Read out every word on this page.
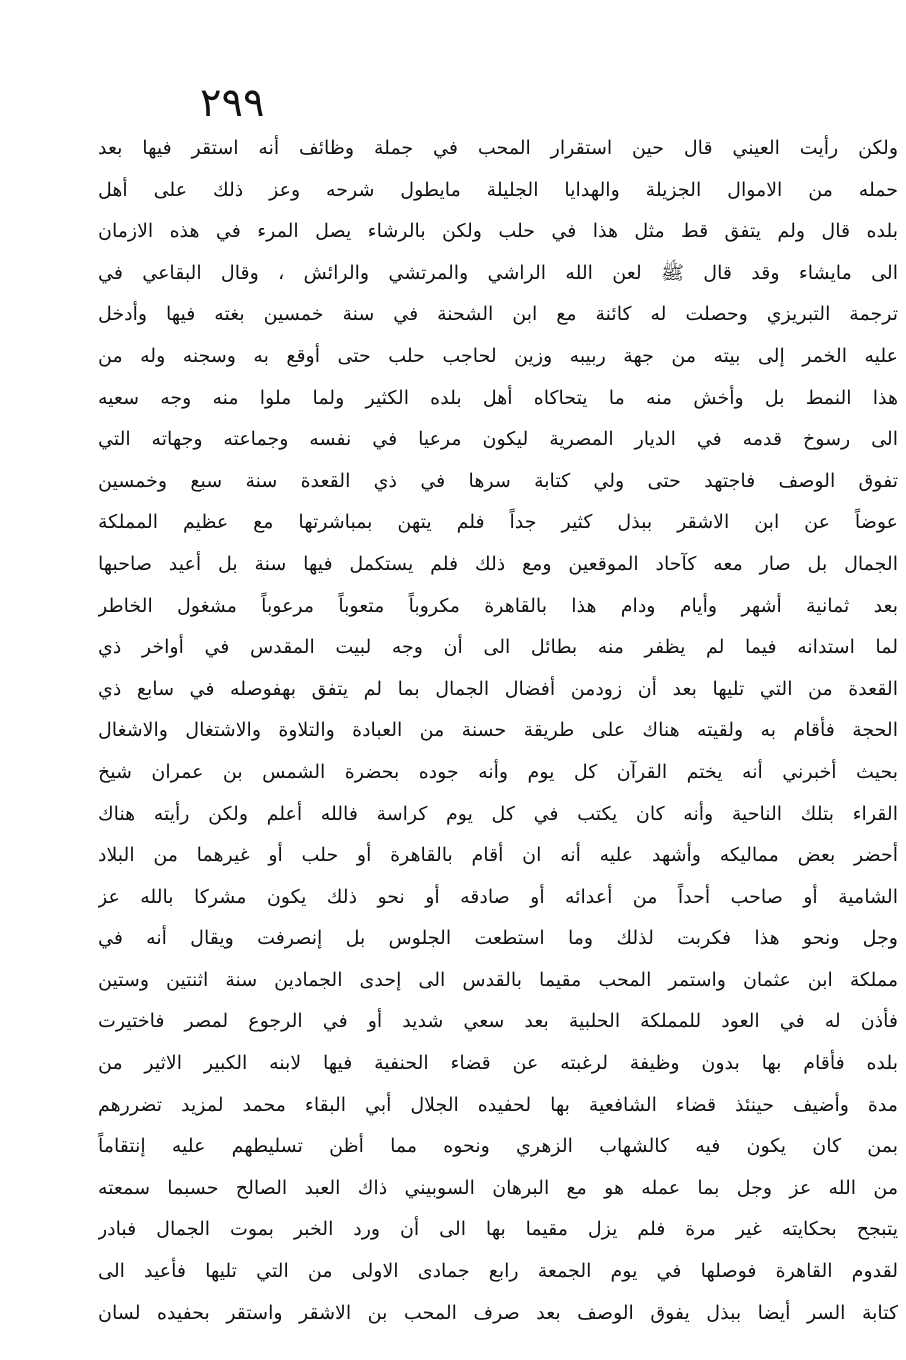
٢٩٩
ولكن رأيت العيني قال حين استقرار المحب في جملة وظائف أنه استقر فيها بعد
حمله من الاموال الجزيلة والهدايا الجليلة مايطول شرحه وعز ذلك على أهل
بلده قال ولم يتفق قط مثل هذا في حلب ولكن بالرشاء يصل المرء في هذه الازمان
الى مايشاء وقد قال ﷺ لعن الله الراشي والمرتشي والرائش ، وقال البقاعي في
ترجمة التبريزي وحصلت له كائنة مع ابن الشحنة في سنة خمسين بغته فيها وأدخل
عليه الخمر إلى بيته من جهة ربيبه وزين لحاجب حلب حتى أوقع به وسجنه وله من
هذا النمط بل وأخش منه ما يتحاكاه أهل بلده الكثير ولما ملوا منه وجه سعيه
الى رسوخ قدمه في الديار المصرية ليكون مرعيا في نفسه وجماعته وجهاته التي
تفوق الوصف فاجتهد حتى ولي كتابة سرها في ذي القعدة سنة سبع وخمسين
عوضاً عن ابن الاشقر ببذل كثير جداً فلم يتهن بمباشرتها مع عظيم المملكة
الجمال بل صار معه كآحاد الموقعين ومع ذلك فلم يستكمل فيها سنة بل أعيد صاحبها
بعد ثمانية أشهر وأيام ودام هذا بالقاهرة مكروباً متعوباً مرعوباً مشغول الخاطر
لما استدانه فيما لم يظفر منه بطائل الى أن وجه لبيت المقدس في أواخر ذي
القعدة من التي تليها بعد أن زودمن أفضال الجمال بما لم يتفق بهفوصله في سابع ذي
الحجة فأقام به ولقيته هناك على طريقة حسنة من العبادة والتلاوة والاشتغال والاشغال
بحيث أخبرني أنه يختم القرآن كل يوم وأنه جوده بحضرة الشمس بن عمران شيخ
القراء بتلك الناحية وأنه كان يكتب في كل يوم كراسة فالله أعلم ولكن رأيته هناك
أحضر بعض مماليكه وأشهد عليه أنه ان أقام بالقاهرة أو حلب أو غيرهما من البلاد
الشامية أو صاحب أحداً من أعدائه أو صادقه أو نحو ذلك يكون مشركا بالله عز
وجل ونحو هذا فكربت لذلك وما استطعت الجلوس بل إنصرفت ويقال أنه في
مملكة ابن عثمان واستمر المحب مقيما بالقدس الى إحدى الجمادين سنة اثنتين وستين
فأذن له في العود للمملكة الحلبية بعد سعي شديد أو في الرجوع لمصر فاختيرت
بلده فأقام بها بدون وظيفة لرغبته عن قضاء الحنفية فيها لابنه الكبير الاثير من
مدة وأضيف حينئذ قضاء الشافعية بها لحفيده الجلال أبي البقاء محمد لمزيد تضررهم
بمن كان يكون فيه كالشهاب الزهري ونحوه مما أظن تسليطهم عليه إنتقاماً
من الله عز وجل بما عمله هو مع البرهان السوبيني ذاك العبد الصالح حسبما سمعته
يتبجح بحكايته غير مرة فلم يزل مقيما بها الى أن ورد الخبر بموت الجمال فبادر
لقدوم القاهرة فوصلها في يوم الجمعة رابع جمادى الاولى من التي تليها فأعيد الى
كتابة السر أيضا ببذل يفوق الوصف بعد صرف المحب بن الاشقر واستقر بحفيده لسان
